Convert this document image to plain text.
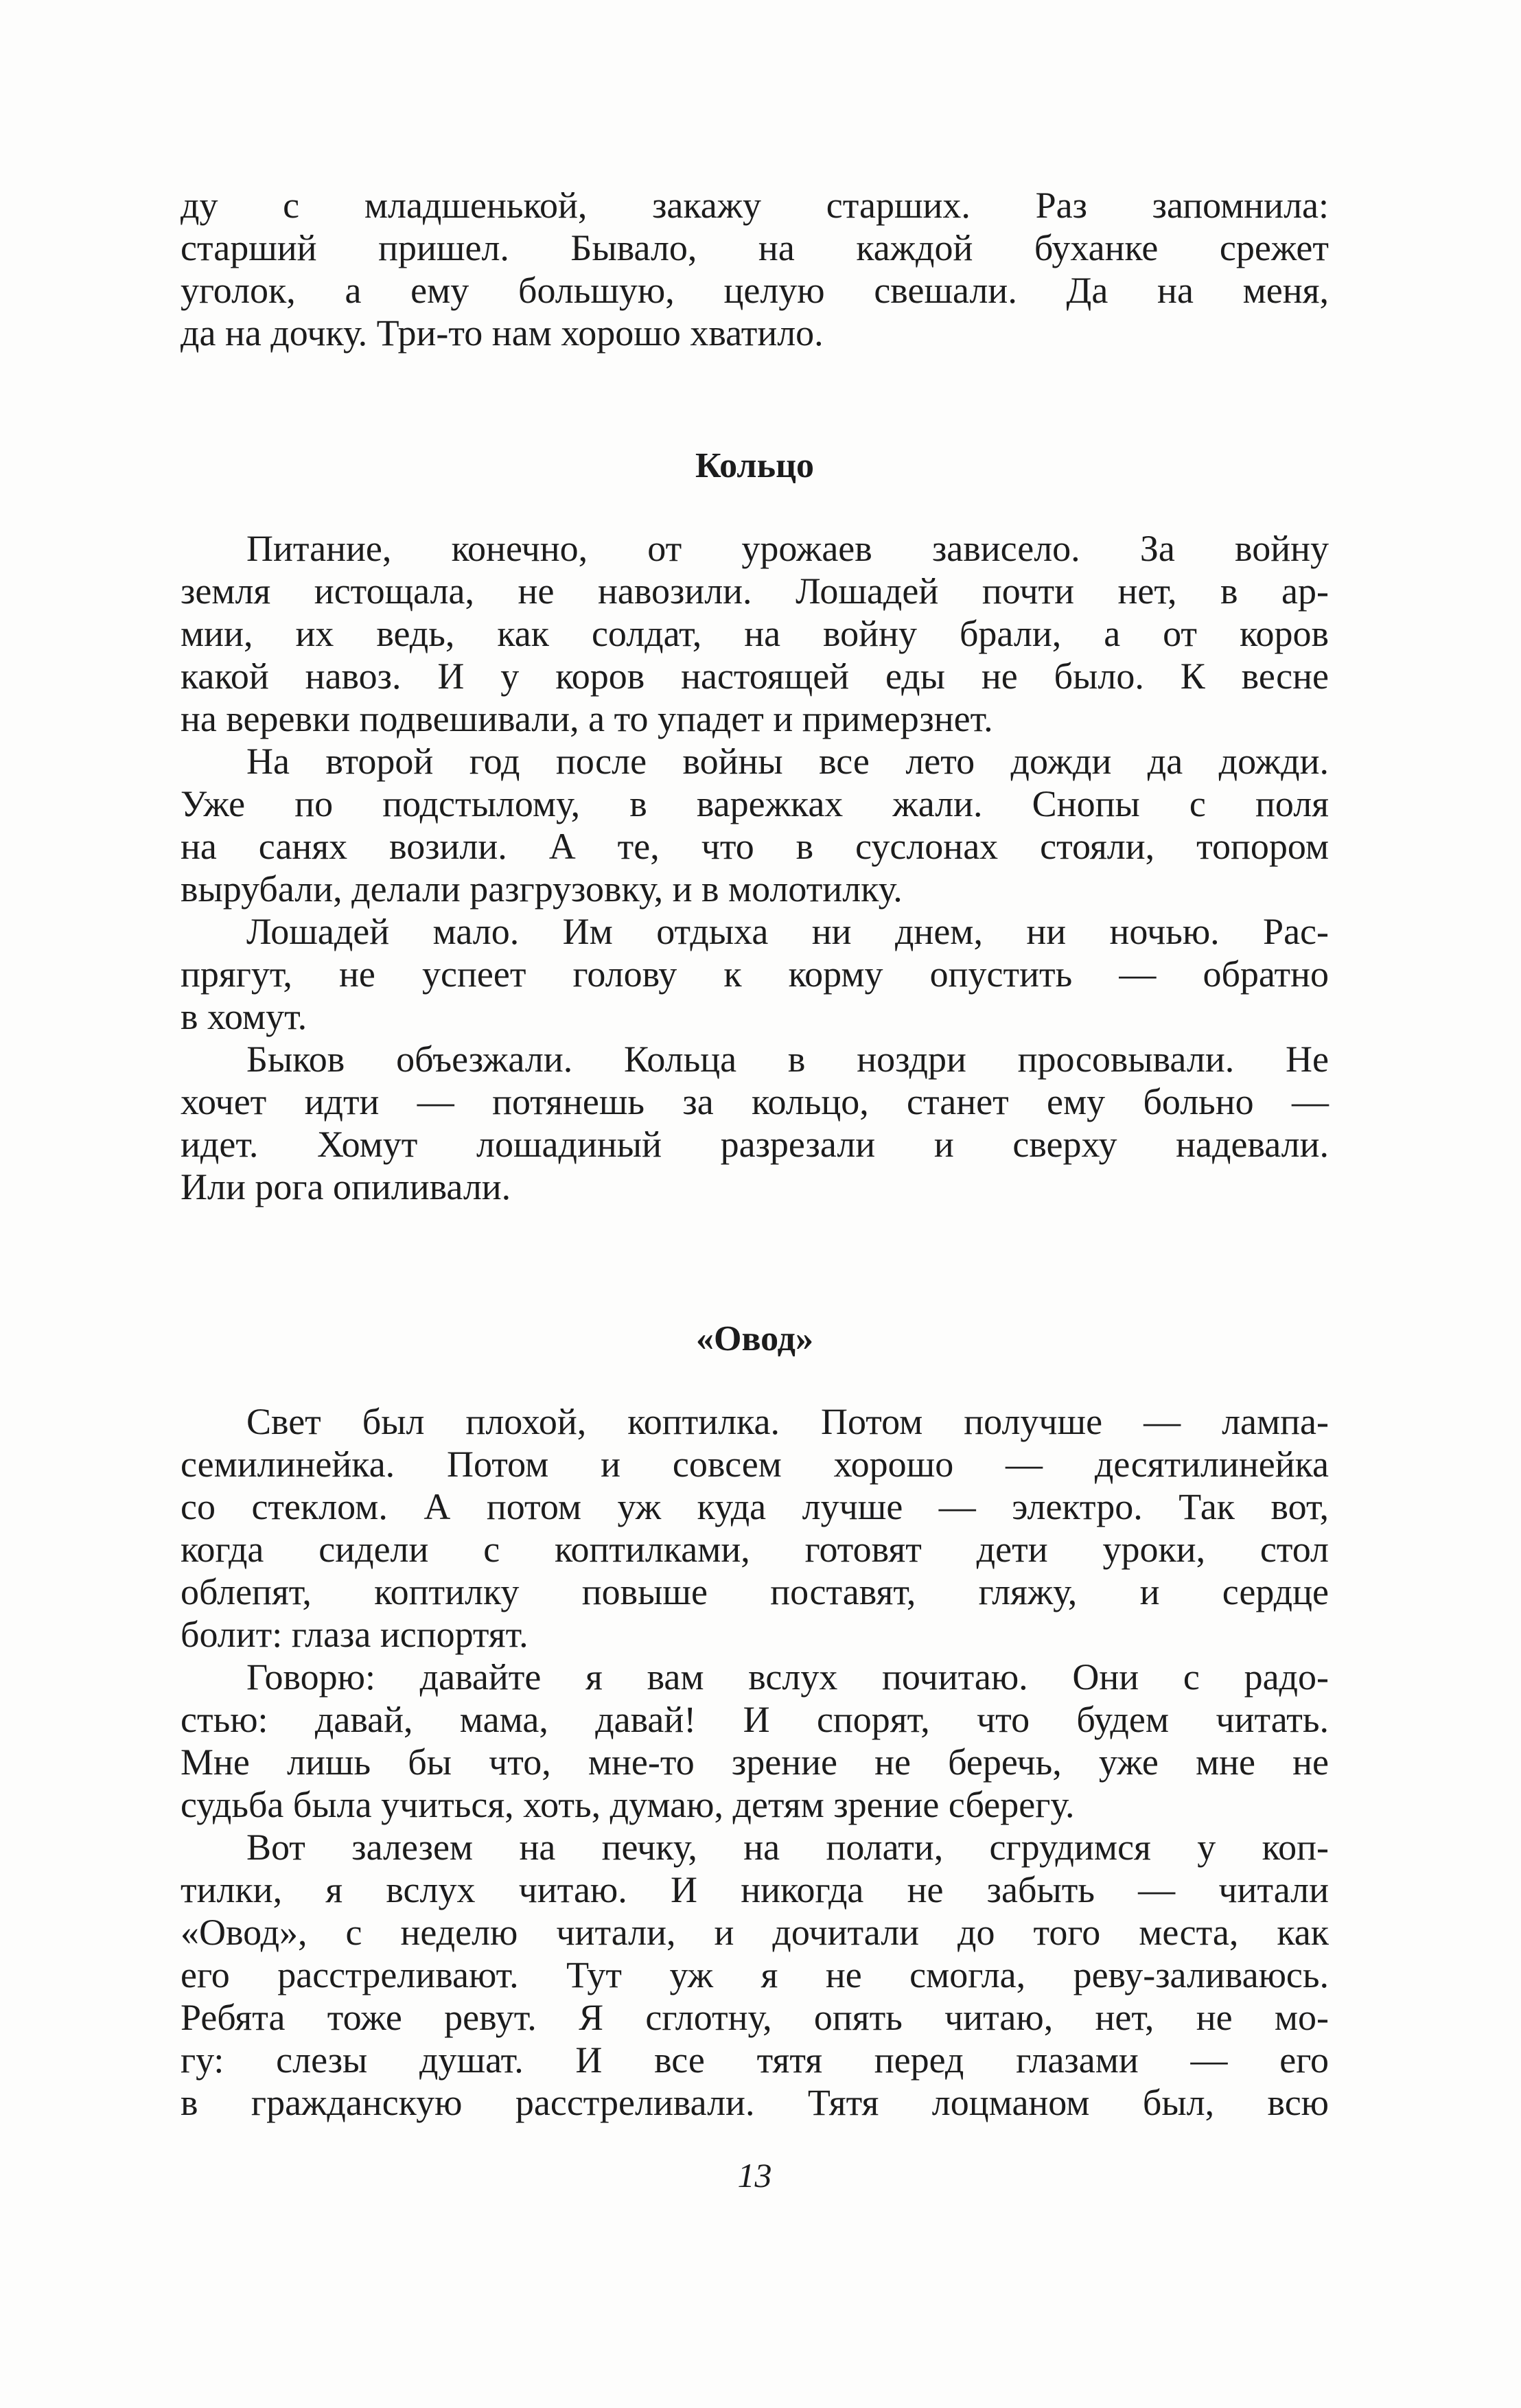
ду с младшенькой, закажу старших. Раз запомнила:
старший пришел. Бывало, на каждой буханке срежет
уголок, а ему большую, целую свешали. Да на меня,
да на дочку. Три-то нам хорошо хватило.
Кольцо
Питание, конечно, от урожаев зависело. За войну
земля истощала, не навозили. Лошадей почти нет, в ар-
мии, их ведь, как солдат, на войну брали, а от коров
какой навоз. И у коров настоящей еды не было. К весне
на веревки подвешивали, а то упадет и примерзнет.
На второй год после войны все лето дожди да дожди.
Уже по подстылому, в варежках жали. Снопы с поля
на санях возили. А те, что в суслонах стояли, топором
вырубали, делали разгрузовку, и в молотилку.
Лошадей мало. Им отдыха ни днем, ни ночью. Рас-
прягут, не успеет голову к корму опустить — обратно
в хомут.
Быков объезжали. Кольца в ноздри просовывали. Не
хочет идти — потянешь за кольцо, станет ему больно —
идет. Хомут лошадиный разрезали и сверху надевали.
Или рога опиливали.
«Овод»
Свет был плохой, коптилка. Потом получше — лампа-
семилинейка. Потом и совсем хорошо — десятилинейка
со стеклом. А потом уж куда лучше — электро. Так вот,
когда сидели с коптилками, готовят дети уроки, стол
облепят, коптилку повыше поставят, гляжу, и сердце
болит: глаза испортят.
Говорю: давайте я вам вслух почитаю. Они с радо-
стью: давай, мама, давай! И спорят, что будем читать.
Мне лишь бы что, мне-то зрение не беречь, уже мне не
судьба была учиться, хоть, думаю, детям зрение сберегу.
Вот залезем на печку, на полати, сгрудимся у коп-
тилки, я вслух читаю. И никогда не забыть — читали
«Овод», с неделю читали, и дочитали до того места, как
его расстреливают. Тут уж я не смогла, реву-заливаюсь.
Ребята тоже ревут. Я сглотну, опять читаю, нет, не мо-
гу: слезы душат. И все тятя перед глазами — его
в гражданскую расстреливали. Тятя лоцманом был, всю
13
